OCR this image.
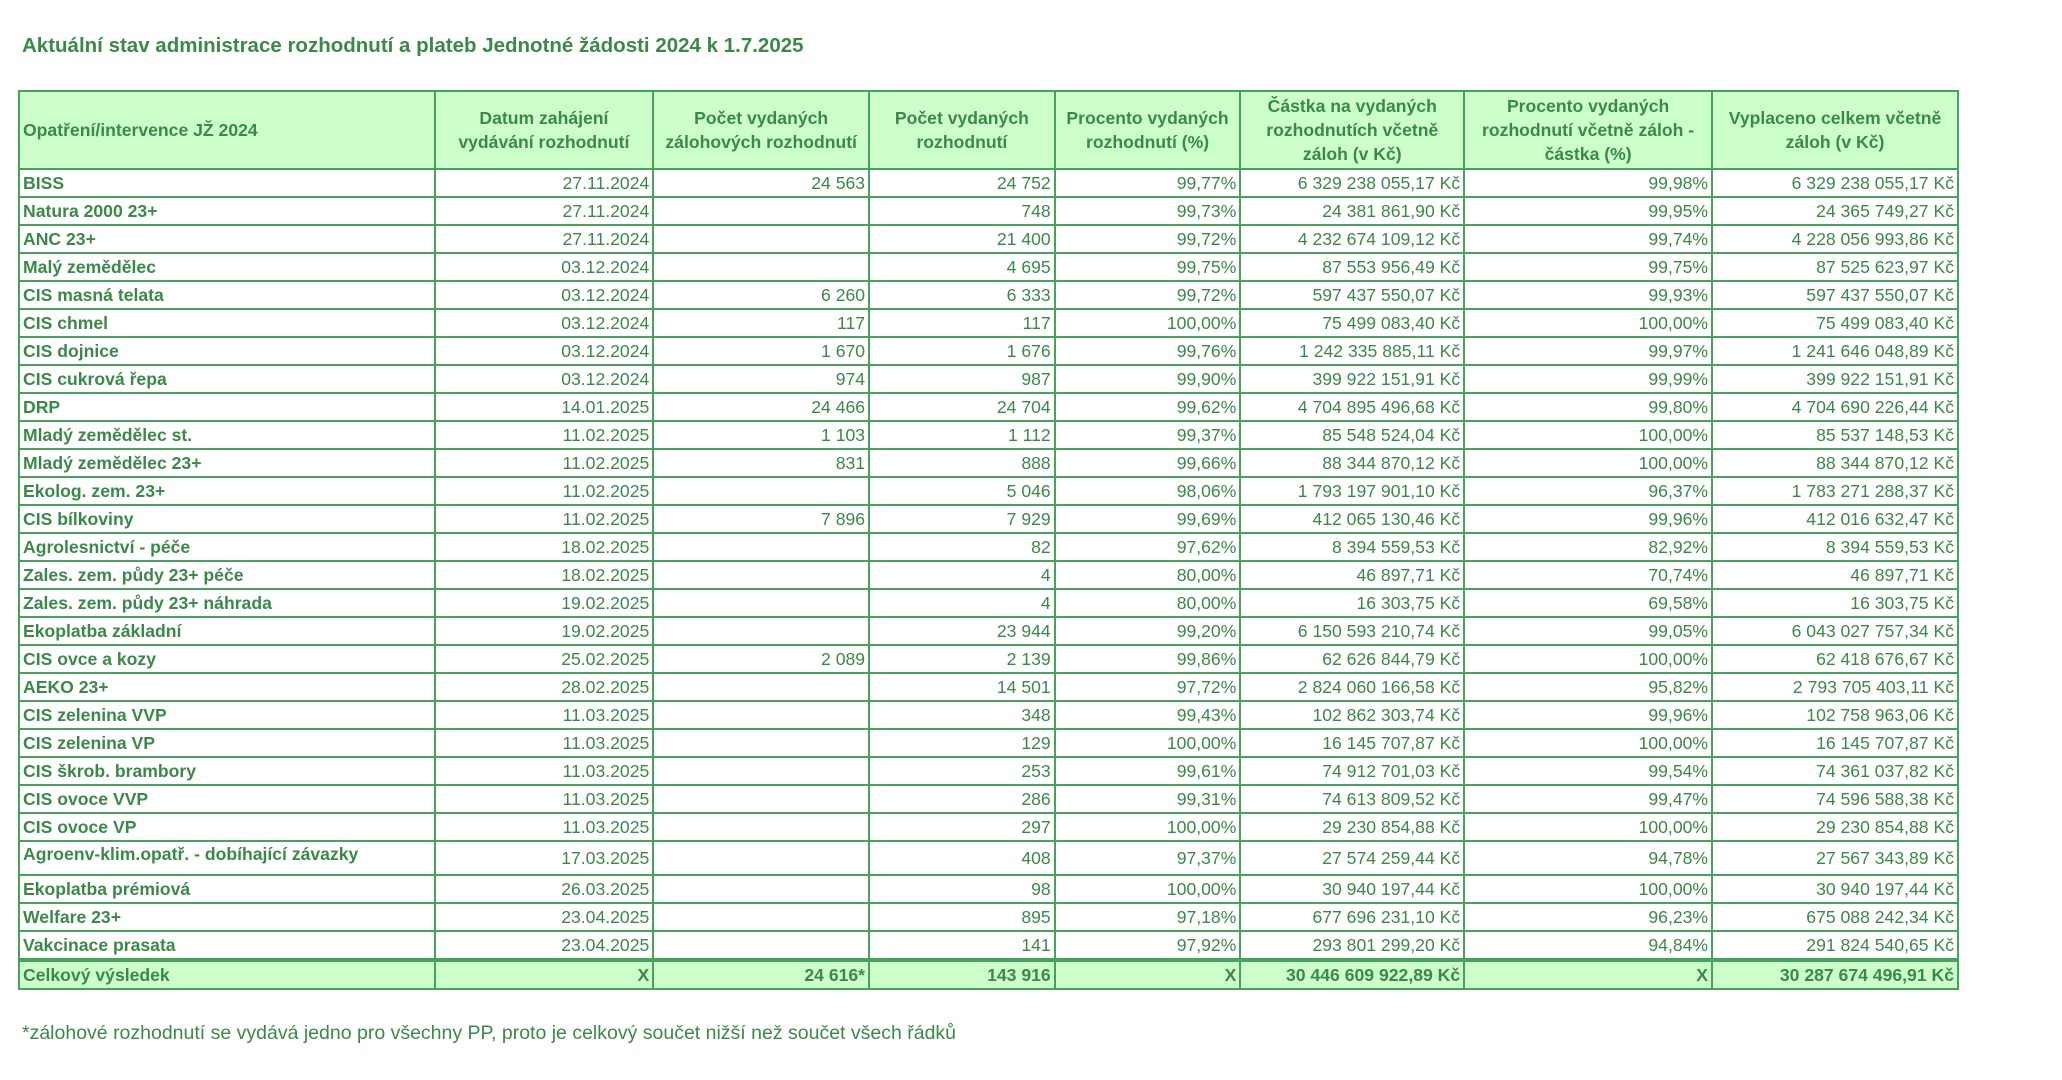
Aktuální stav administrace rozhodnutí a plateb Jednotné žádosti 2024 k 1.7.2025
Opatření/intervence JŽ 2024	Datum zahájení vydávání rozhodnutí	Počet vydaných zálohových rozhodnutí	Počet vydaných rozhodnutí	Procento vydaných rozhodnutí (%)	Částka na vydaných rozhodnutích včetně záloh (v Kč)	Procento vydaných rozhodnutí včetně záloh - částka (%)	Vyplaceno celkem včetně záloh (v Kč)
BISS	27.11.2024	24 563	24 752	99,77%	6 329 238 055,17 Kč	99,98%	6 329 238 055,17 Kč
Natura 2000 23+	27.11.2024		748	99,73%	24 381 861,90 Kč	99,95%	24 365 749,27 Kč
ANC 23+	27.11.2024		21 400	99,72%	4 232 674 109,12 Kč	99,74%	4 228 056 993,86 Kč
Malý zemědělec	03.12.2024		4 695	99,75%	87 553 956,49 Kč	99,75%	87 525 623,97 Kč
CIS masná telata	03.12.2024	6 260	6 333	99,72%	597 437 550,07 Kč	99,93%	597 437 550,07 Kč
CIS chmel	03.12.2024	117	117	100,00%	75 499 083,40 Kč	100,00%	75 499 083,40 Kč
CIS dojnice	03.12.2024	1 670	1 676	99,76%	1 242 335 885,11 Kč	99,97%	1 241 646 048,89 Kč
CIS cukrová řepa	03.12.2024	974	987	99,90%	399 922 151,91 Kč	99,99%	399 922 151,91 Kč
DRP	14.01.2025	24 466	24 704	99,62%	4 704 895 496,68 Kč	99,80%	4 704 690 226,44 Kč
Mladý zemědělec st.	11.02.2025	1 103	1 112	99,37%	85 548 524,04 Kč	100,00%	85 537 148,53 Kč
Mladý zemědělec 23+	11.02.2025	831	888	99,66%	88 344 870,12 Kč	100,00%	88 344 870,12 Kč
Ekolog. zem. 23+	11.02.2025		5 046	98,06%	1 793 197 901,10 Kč	96,37%	1 783 271 288,37 Kč
CIS bílkoviny	11.02.2025	7 896	7 929	99,69%	412 065 130,46 Kč	99,96%	412 016 632,47 Kč
Agrolesnictví - péče	18.02.2025		82	97,62%	8 394 559,53 Kč	82,92%	8 394 559,53 Kč
Zales. zem. půdy 23+ péče	18.02.2025		4	80,00%	46 897,71 Kč	70,74%	46 897,71 Kč
Zales. zem. půdy 23+ náhrada	19.02.2025		4	80,00%	16 303,75 Kč	69,58%	16 303,75 Kč
Ekoplatba základní	19.02.2025		23 944	99,20%	6 150 593 210,74 Kč	99,05%	6 043 027 757,34 Kč
CIS ovce a kozy	25.02.2025	2 089	2 139	99,86%	62 626 844,79 Kč	100,00%	62 418 676,67 Kč
AEKO 23+	28.02.2025		14 501	97,72%	2 824 060 166,58 Kč	95,82%	2 793 705 403,11 Kč
CIS zelenina VVP	11.03.2025		348	99,43%	102 862 303,74 Kč	99,96%	102 758 963,06 Kč
CIS zelenina VP	11.03.2025		129	100,00%	16 145 707,87 Kč	100,00%	16 145 707,87 Kč
CIS škrob. brambory	11.03.2025		253	99,61%	74 912 701,03 Kč	99,54%	74 361 037,82 Kč
CIS ovoce VVP	11.03.2025		286	99,31%	74 613 809,52 Kč	99,47%	74 596 588,38 Kč
CIS ovoce VP	11.03.2025		297	100,00%	29 230 854,88 Kč	100,00%	29 230 854,88 Kč
Agroenv-klim.opatř. - dobíhající závazky	17.03.2025		408	97,37%	27 574 259,44 Kč	94,78%	27 567 343,89 Kč
Ekoplatba prémiová	26.03.2025		98	100,00%	30 940 197,44 Kč	100,00%	30 940 197,44 Kč
Welfare 23+	23.04.2025		895	97,18%	677 696 231,10 Kč	96,23%	675 088 242,34 Kč
Vakcinace prasata	23.04.2025		141	97,92%	293 801 299,20 Kč	94,84%	291 824 540,65 Kč
Celkový výsledek	X	24 616*	143 916	X	30 446 609 922,89 Kč	X	30 287 674 496,91 Kč
*zálohové rozhodnutí se vydává jedno pro všechny PP, proto je celkový součet nižší než součet všech řádků
